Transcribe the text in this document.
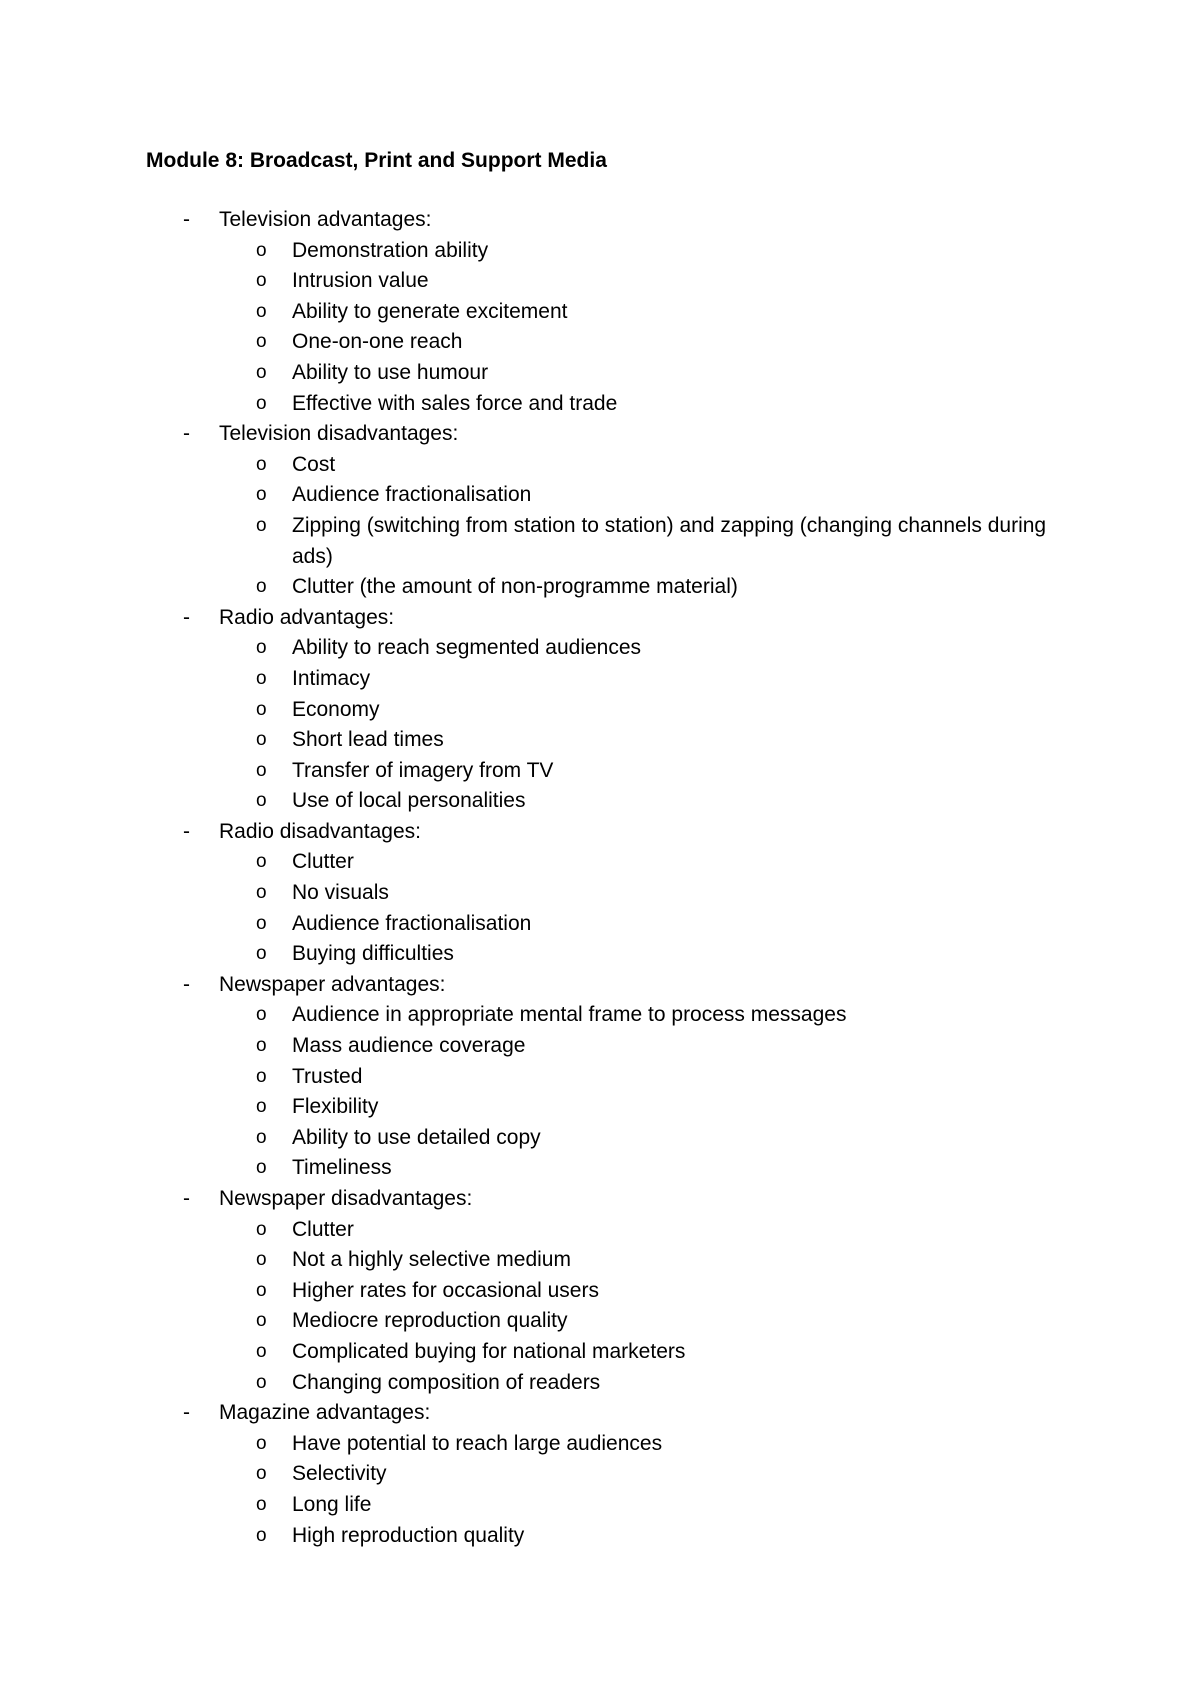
Module 8: Broadcast, Print and Support Media
- Television advantages:
o Demonstration ability
o Intrusion value
o Ability to generate excitement
o One-on-one reach
o Ability to use humour
o Effective with sales force and trade
- Television disadvantages:
o Cost
o Audience fractionalisation
o Zipping (switching from station to station) and zapping (changing channels during ads)
o Clutter (the amount of non-programme material)
- Radio advantages:
o Ability to reach segmented audiences
o Intimacy
o Economy
o Short lead times
o Transfer of imagery from TV
o Use of local personalities
- Radio disadvantages:
o Clutter
o No visuals
o Audience fractionalisation
o Buying difficulties
- Newspaper advantages:
o Audience in appropriate mental frame to process messages
o Mass audience coverage
o Trusted
o Flexibility
o Ability to use detailed copy
o Timeliness
- Newspaper disadvantages:
o Clutter
o Not a highly selective medium
o Higher rates for occasional users
o Mediocre reproduction quality
o Complicated buying for national marketers
o Changing composition of readers
- Magazine advantages:
o Have potential to reach large audiences
o Selectivity
o Long life
o High reproduction quality
